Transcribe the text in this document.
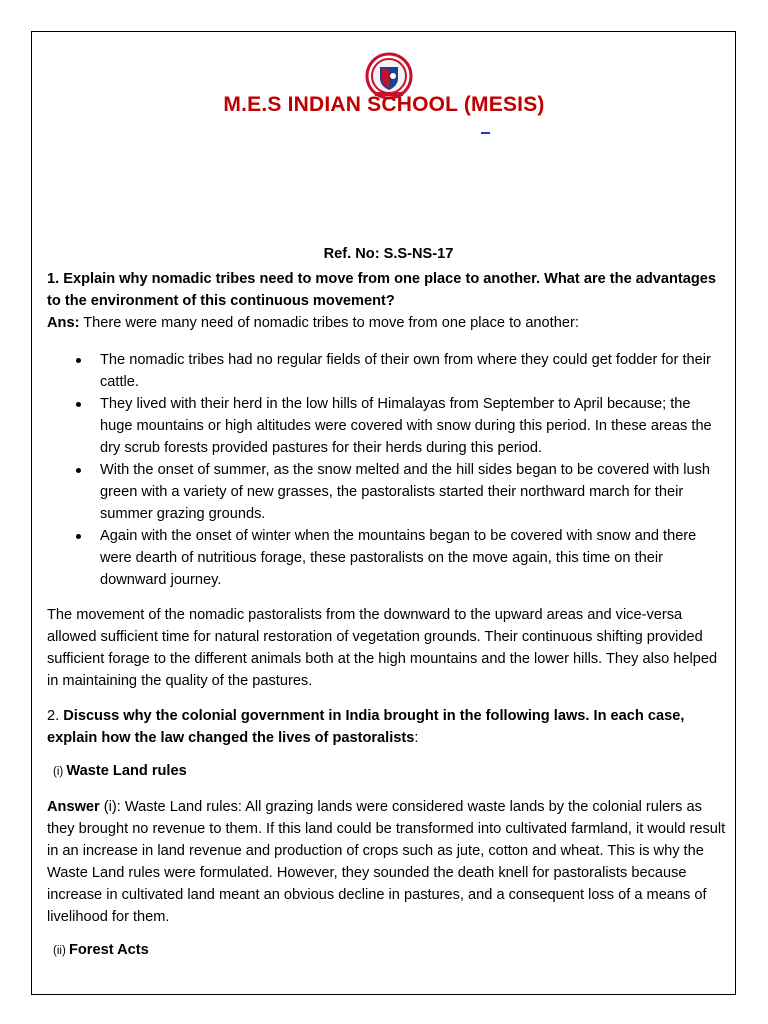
M.E.S INDIAN SCHOOL (MESIS)

Ref. No: S.S-NS-17

1. Explain why nomadic tribes need to move from one place to another. What are the advantages to the environment of this continuous movement?

Ans: There were many need of nomadic tribes to move from one place to another:

The nomadic tribes had no regular fields of their own from where they could get fodder for their cattle.
They lived with their herd in the low hills of Himalayas from September to April because; the huge mountains or high altitudes were covered with snow during this period. In these areas the dry scrub forests provided pastures for their herds during this period.
With the onset of summer, as the snow melted and the hill sides began to be covered with lush green with a variety of new grasses, the pastoralists started their northward march for their summer grazing grounds.
Again with the onset of winter when the mountains began to be covered with snow and there were dearth of nutritious forage, these pastoralists on the move again, this time on their downward journey.

The movement of the nomadic pastoralists from the downward to the upward areas and vice-versa allowed sufficient time for natural restoration of vegetation grounds. Their continuous shifting provided sufficient forage to the different animals both at the high mountains and the lower hills. They also helped in maintaining the quality of the pastures.

2. Discuss why the colonial government in India brought in the following laws. In each case, explain how the law changed the lives of pastoralists:

(i) Waste Land rules

Answer (i): Waste Land rules: All grazing lands were considered waste lands by the colonial rulers as they brought no revenue to them. If this land could be transformed into cultivated farmland, it would result in an increase in land revenue and production of crops such as jute, cotton and wheat. This is why the Waste Land rules were formulated. However, they sounded the death knell for pastoralists because increase in cultivated land meant an obvious decline in pastures, and a consequent loss of a means of livelihood for them.

(ii) Forest Acts
